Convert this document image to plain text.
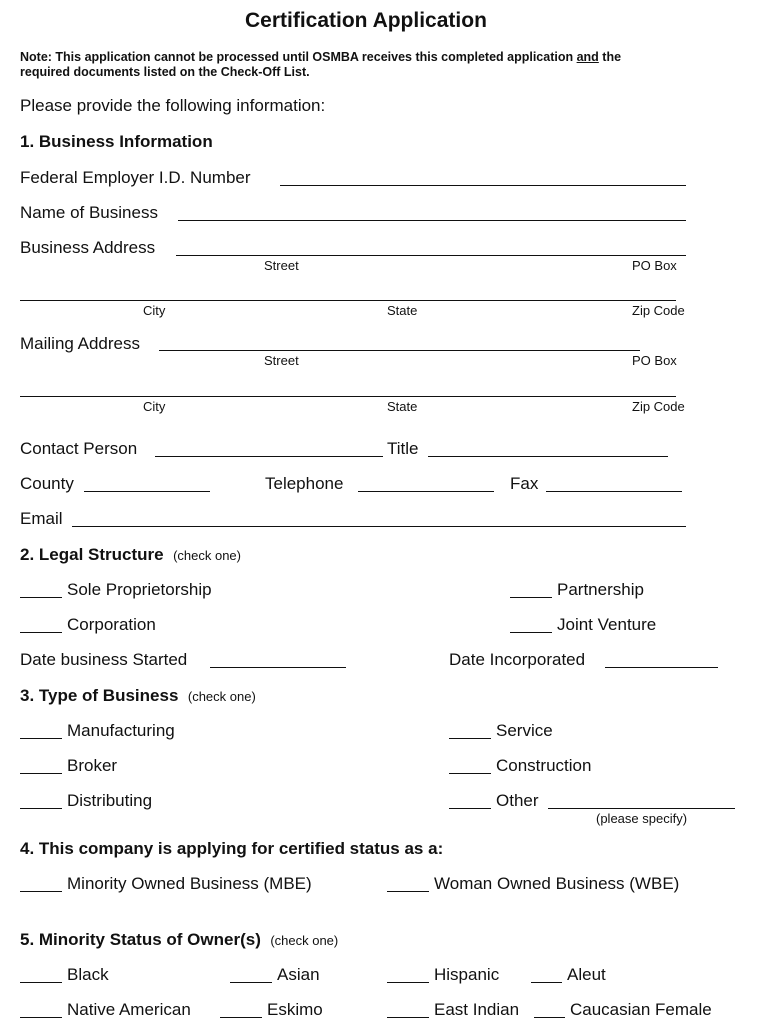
Certification Application
Note: This application cannot be processed until OSMBA receives this completed application and the
required documents listed on the Check-Off List.
Please provide the following information:
1. Business Information
Federal Employer I.D. Number
Name of Business
Business Address
Street	PO Box
City	State	Zip Code
Mailing Address
Street	PO Box
City	State	Zip Code
Contact Person	Title
County	Telephone	Fax
Email
2. Legal Structure (check one)
Sole Proprietorship	Partnership
Corporation	Joint Venture
Date business Started	Date Incorporated
3. Type of Business (check one)
Manufacturing	Service
Broker	Construction
Distributing	Other
(please specify)
4. This company is applying for certified status as a:
Minority Owned Business (MBE)	Woman Owned Business (WBE)
5. Minority Status of Owner(s) (check one)
Black	Asian	Hispanic	Aleut
Native American	Eskimo	East Indian	Caucasian Female
